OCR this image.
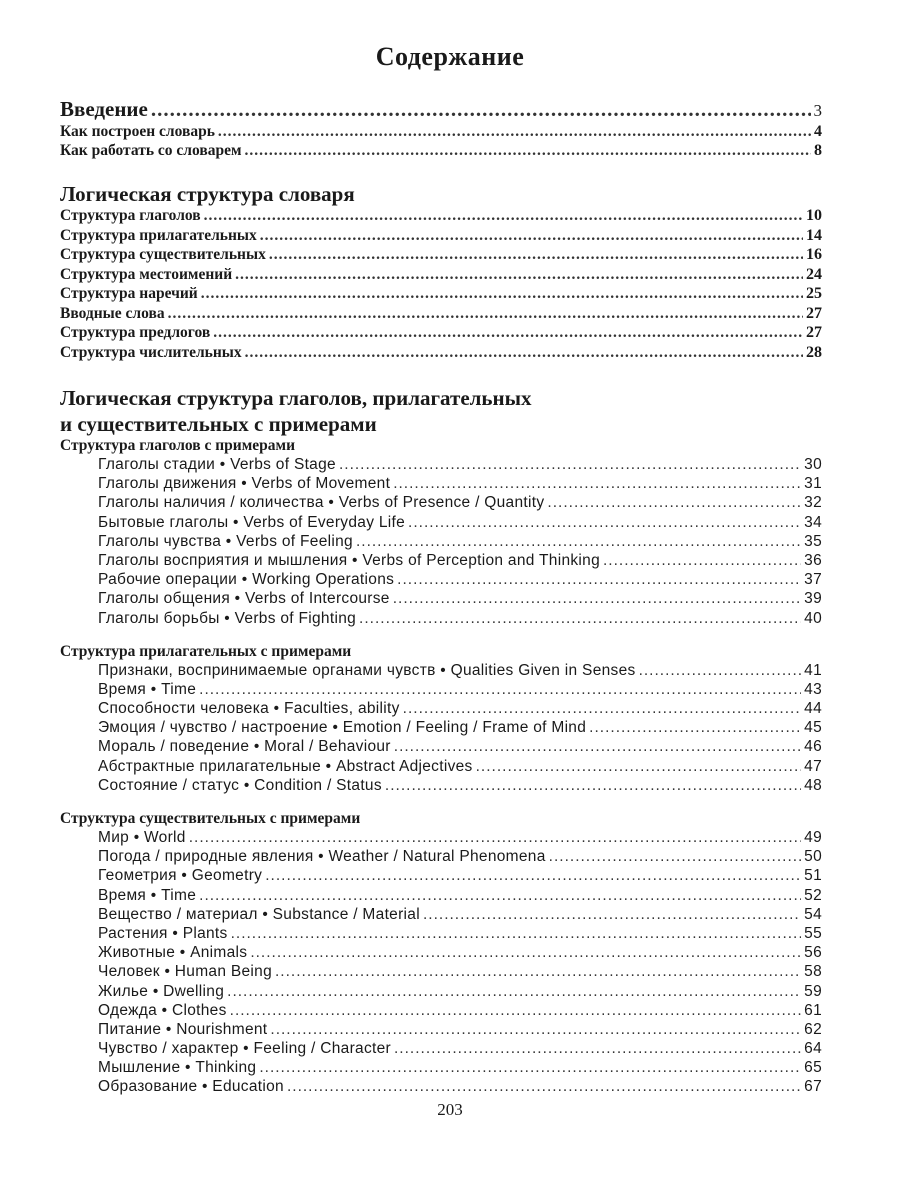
Содержание
Введение .....	3
Как построен словарь .....	4
Как работать со словарем .....	8
Логическая структура словаря
Структура глаголов .....	10
Структура прилагательных .....	14
Структура существительных .....	16
Структура местоимений .....	24
Структура наречий .....	25
Вводные слова .....	27
Структура предлогов .....	27
Структура числительных .....	28
Логическая структура глаголов, прилагательных
и существительных с примерами
Структура глаголов с примерами
Глаголы стадии • Verbs of Stage .....	30
Глаголы движения • Verbs of Movement .....	31
Глаголы наличия / количества • Verbs of Presence / Quantity .....	32
Бытовые глаголы • Verbs of Everyday Life .....	34
Глаголы чувства • Verbs of Feeling .....	35
Глаголы восприятия и мышления • Verbs of Perception and Thinking .....	36
Рабочие операции • Working Operations .....	37
Глаголы общения • Verbs of Intercourse .....	39
Глаголы борьбы • Verbs of Fighting .....	40
Структура прилагательных с примерами
Признаки, воспринимаемые органами чувств • Qualities Given in Senses .....	41
Время • Time .....	43
Способности человека • Faculties, ability .....	44
Эмоция / чувство / настроение • Emotion / Feeling / Frame of Mind .....	45
Мораль / поведение • Moral / Behaviour .....	46
Абстрактные прилагательные • Abstract Adjectives .....	47
Состояние / статус • Condition / Status .....	48
Структура существительных с примерами
Мир • World .....	49
Погода / природные явления • Weather / Natural Phenomena .....	50
Геометрия • Geometry .....	51
Время • Time .....	52
Вещество / материал • Substance / Material .....	54
Растения • Plants .....	55
Животные • Animals .....	56
Человек • Human Being .....	58
Жилье • Dwelling .....	59
Одежда • Clothes .....	61
Питание • Nourishment .....	62
Чувство / характер • Feeling / Character .....	64
Мышление • Thinking .....	65
Образование • Education .....	67
203
